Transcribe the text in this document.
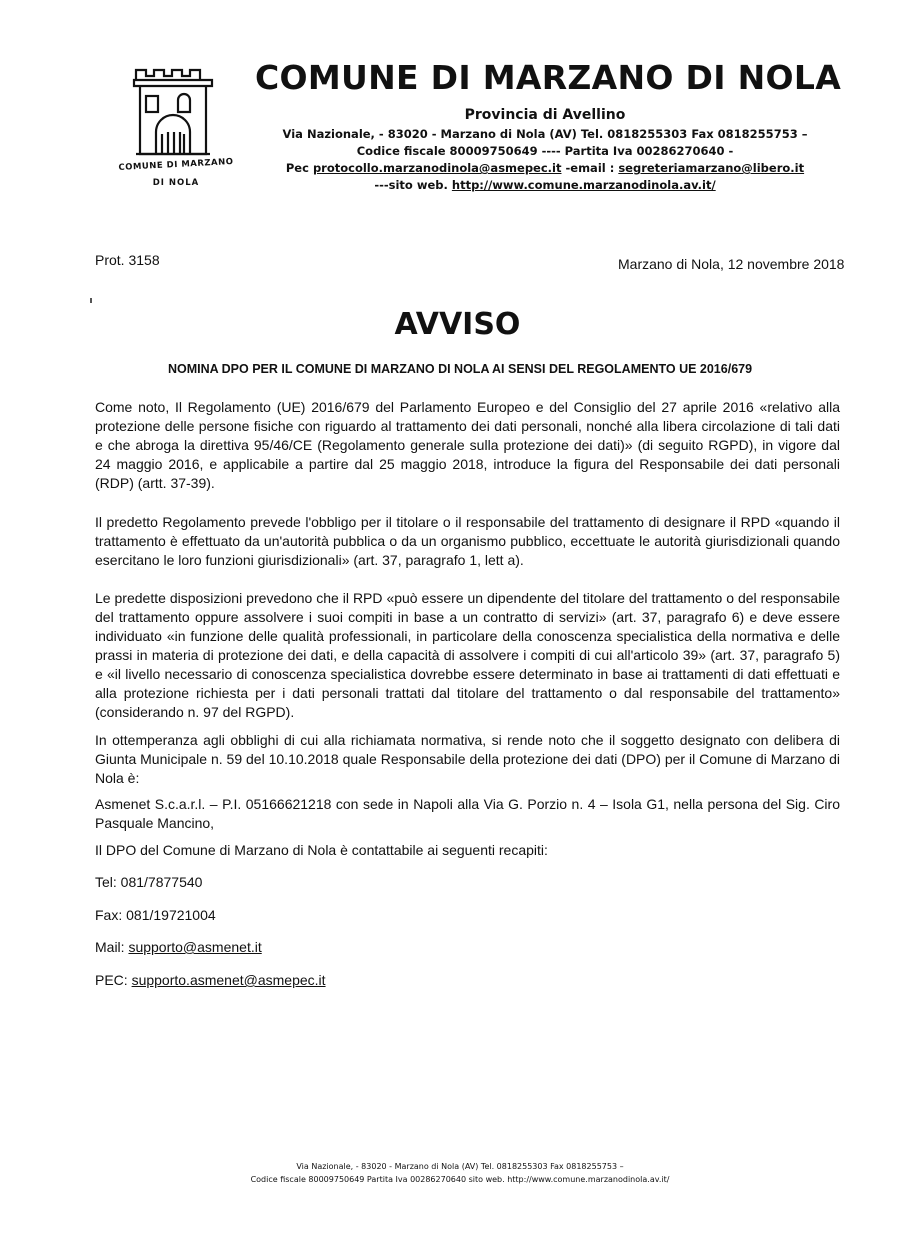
COMUNE DI MARZANO
DI NOLA
COMUNE DI MARZANO DI NOLA
Provincia di Avellino
Via Nazionale, - 83020 - Marzano di Nola (AV) Tel. 0818255303 Fax 0818255753 –
Codice fiscale 80009750649 ---- Partita Iva 00286270640 -
Pec protocollo.marzanodinola@asmepec.it -email : segreteriamarzano@libero.it
---sito web. http://www.comune.marzanodinola.av.it/
Prot. 3158	Marzano di Nola, 12 novembre 2018
AVVISO
NOMINA DPO PER IL COMUNE DI MARZANO DI NOLA AI SENSI DEL REGOLAMENTO UE 2016/679
Come noto, Il Regolamento (UE) 2016/679 del Parlamento Europeo e del Consiglio del 27 aprile 2016 «relativo alla protezione delle persone fisiche con riguardo al trattamento dei dati personali, nonché alla libera circolazione di tali dati e che abroga la direttiva 95/46/CE (Regolamento generale sulla protezione dei dati)» (di seguito RGPD), in vigore dal 24 maggio 2016, e applicabile a partire dal 25 maggio 2018, introduce la figura del Responsabile dei dati personali (RDP) (artt. 37-39).
Il predetto Regolamento prevede l'obbligo per il titolare o il responsabile del trattamento di designare il RPD «quando il trattamento è effettuato da un'autorità pubblica o da un organismo pubblico, eccettuate le autorità giurisdizionali quando esercitano le loro funzioni giurisdizionali» (art. 37, paragrafo 1, lett a).
Le predette disposizioni prevedono che il RPD «può essere un dipendente del titolare del trattamento o del responsabile del trattamento oppure assolvere i suoi compiti in base a un contratto di servizi» (art. 37, paragrafo 6) e deve essere individuato «in funzione delle qualità professionali, in particolare della conoscenza specialistica della normativa e delle prassi in materia di protezione dei dati, e della capacità di assolvere i compiti di cui all'articolo 39» (art. 37, paragrafo 5) e «il livello necessario di conoscenza specialistica dovrebbe essere determinato in base ai trattamenti di dati effettuati e alla protezione richiesta per i dati personali trattati dal titolare del trattamento o dal responsabile del trattamento» (considerando n. 97 del RGPD).
In ottemperanza agli obblighi di cui alla richiamata normativa, si rende noto che il soggetto designato con delibera di Giunta Municipale n. 59 del 10.10.2018 quale Responsabile della protezione dei dati (DPO) per il Comune di Marzano di Nola è:
Asmenet S.c.a.r.l. – P.I. 05166621218 con sede in Napoli alla Via G. Porzio n. 4 – Isola G1, nella persona del Sig. Ciro Pasquale Mancino,
Il DPO del Comune di Marzano di Nola è contattabile ai seguenti recapiti:
Tel: 081/7877540
Fax: 081/19721004
Mail: supporto@asmenet.it
PEC: supporto.asmenet@asmepec.it
Via Nazionale, - 83020 - Marzano di Nola (AV) Tel. 0818255303 Fax 0818255753 –
Codice fiscale 80009750649 Partita Iva 00286270640 sito web. http://www.comune.marzanodinola.av.it/
